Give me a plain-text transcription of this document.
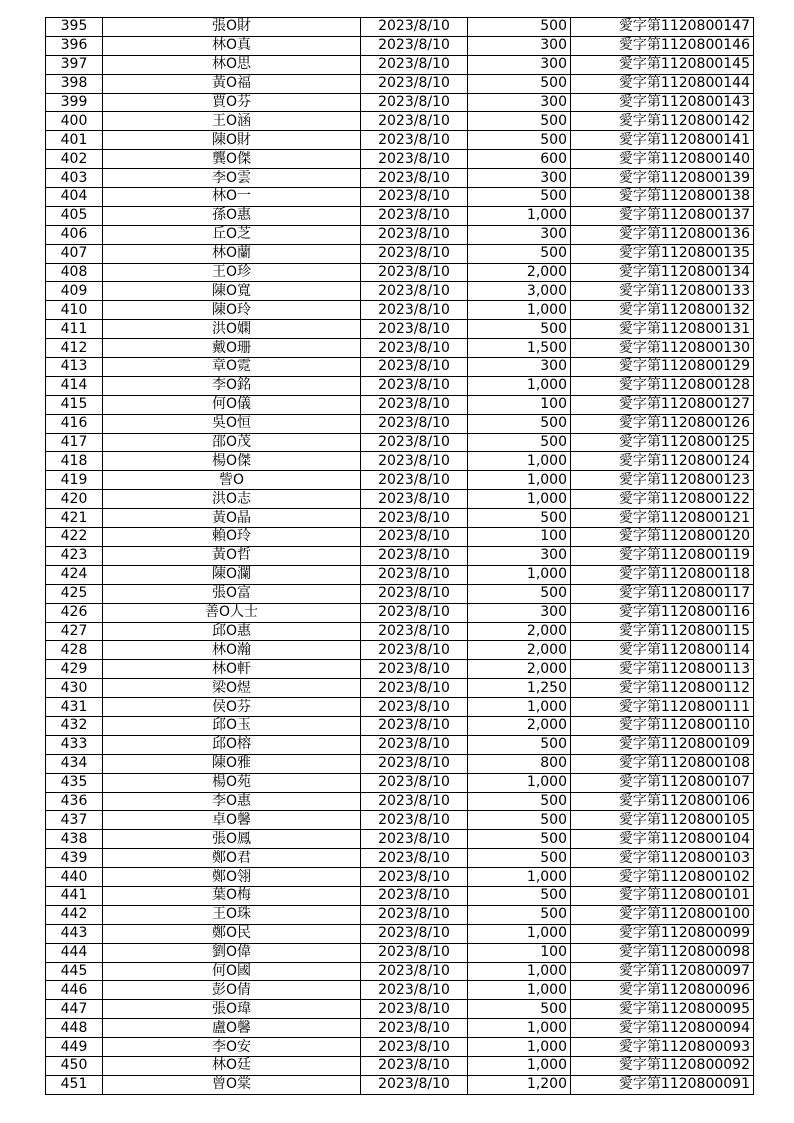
395	張O財	2023/8/10	500	愛字第1120800147
396	林O真	2023/8/10	300	愛字第1120800146
397	林O思	2023/8/10	300	愛字第1120800145
398	黃O福	2023/8/10	500	愛字第1120800144
399	賈O芬	2023/8/10	300	愛字第1120800143
400	王O涵	2023/8/10	500	愛字第1120800142
401	陳O財	2023/8/10	500	愛字第1120800141
402	龔O傑	2023/8/10	600	愛字第1120800140
403	李O雲	2023/8/10	300	愛字第1120800139
404	林O一	2023/8/10	500	愛字第1120800138
405	孫O惠	2023/8/10	1,000	愛字第1120800137
406	丘O芝	2023/8/10	300	愛字第1120800136
407	林O蘭	2023/8/10	500	愛字第1120800135
408	王O珍	2023/8/10	2,000	愛字第1120800134
409	陳O寬	2023/8/10	3,000	愛字第1120800133
410	陳O玲	2023/8/10	1,000	愛字第1120800132
411	洪O嫻	2023/8/10	500	愛字第1120800131
412	戴O珊	2023/8/10	1,500	愛字第1120800130
413	章O霓	2023/8/10	300	愛字第1120800129
414	李O銘	2023/8/10	1,000	愛字第1120800128
415	何O儀	2023/8/10	100	愛字第1120800127
416	吳O恒	2023/8/10	500	愛字第1120800126
417	邵O茂	2023/8/10	500	愛字第1120800125
418	楊O傑	2023/8/10	1,000	愛字第1120800124
419	訾O	2023/8/10	1,000	愛字第1120800123
420	洪O志	2023/8/10	1,000	愛字第1120800122
421	黃O晶	2023/8/10	500	愛字第1120800121
422	賴O玲	2023/8/10	100	愛字第1120800120
423	黃O哲	2023/8/10	300	愛字第1120800119
424	陳O瀾	2023/8/10	1,000	愛字第1120800118
425	張O富	2023/8/10	500	愛字第1120800117
426	善O人士	2023/8/10	300	愛字第1120800116
427	邱O惠	2023/8/10	2,000	愛字第1120800115
428	林O瀚	2023/8/10	2,000	愛字第1120800114
429	林O軒	2023/8/10	2,000	愛字第1120800113
430	梁O煜	2023/8/10	1,250	愛字第1120800112
431	侯O芬	2023/8/10	1,000	愛字第1120800111
432	邱O玉	2023/8/10	2,000	愛字第1120800110
433	邱O榕	2023/8/10	500	愛字第1120800109
434	陳O雅	2023/8/10	800	愛字第1120800108
435	楊O苑	2023/8/10	1,000	愛字第1120800107
436	李O惠	2023/8/10	500	愛字第1120800106
437	卓O馨	2023/8/10	500	愛字第1120800105
438	張O鳳	2023/8/10	500	愛字第1120800104
439	鄭O君	2023/8/10	500	愛字第1120800103
440	鄭O翎	2023/8/10	1,000	愛字第1120800102
441	葉O梅	2023/8/10	500	愛字第1120800101
442	王O珠	2023/8/10	500	愛字第1120800100
443	鄭O民	2023/8/10	1,000	愛字第1120800099
444	劉O偉	2023/8/10	100	愛字第1120800098
445	何O國	2023/8/10	1,000	愛字第1120800097
446	彭O倩	2023/8/10	1,000	愛字第1120800096
447	張O瑋	2023/8/10	500	愛字第1120800095
448	盧O馨	2023/8/10	1,000	愛字第1120800094
449	李O安	2023/8/10	1,000	愛字第1120800093
450	林O廷	2023/8/10	1,000	愛字第1120800092
451	曾O棠	2023/8/10	1,200	愛字第1120800091
